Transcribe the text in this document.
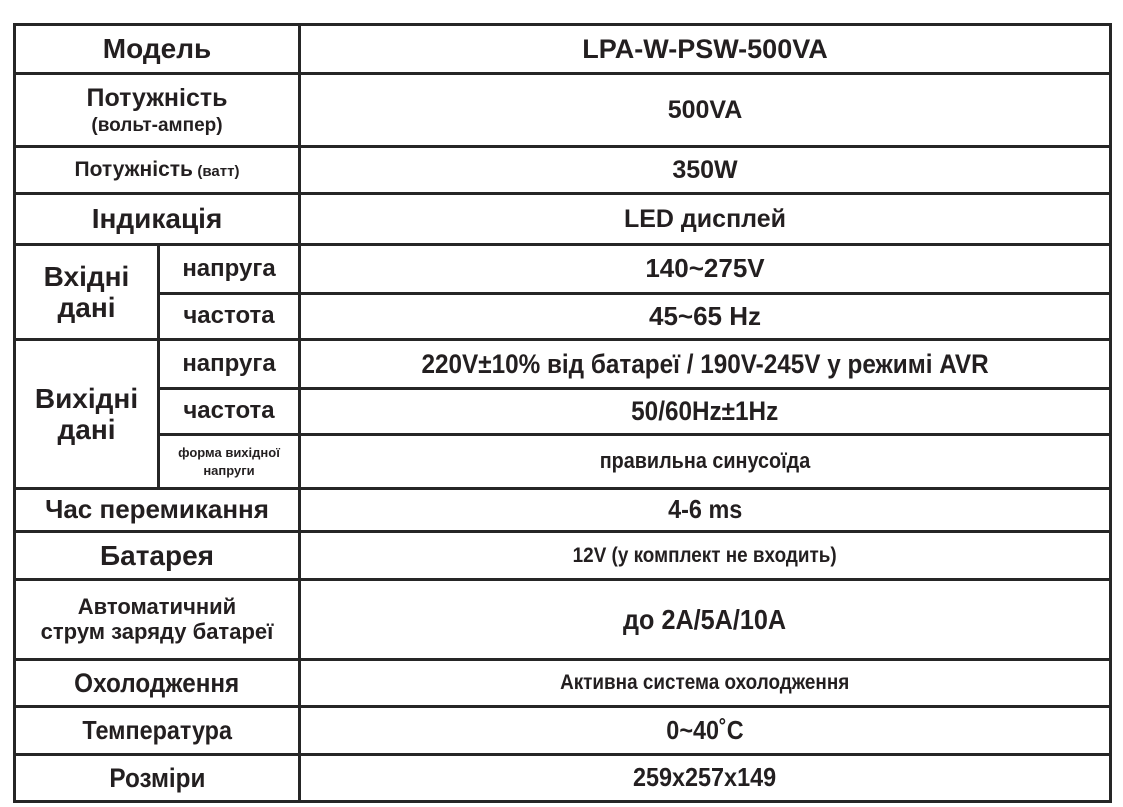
Модель		LPA-W-PSW-500VA

Потужність
(вольт-ампер)		500VA
Потужність (ватт)		350W
Індикація		LED дисплей
Вхідні дані	напруга	140~275V
	частота	45~65 Hz
Вихідні дані	напруга	220V±10% від батареї / 190V-245V у режимі AVR
	частота	50/60Hz±1Hz
	форма вихідної напруги	правильна синусоїда
Час перемикання		4-6 ms
Батарея		12V (у комплект не входить)

Автоматичний
струм заряду батареї		до 2A/5A/10A
Охолодження		Активна система охолодження
Температура		0~40˚C
Розміри		259x257x149
